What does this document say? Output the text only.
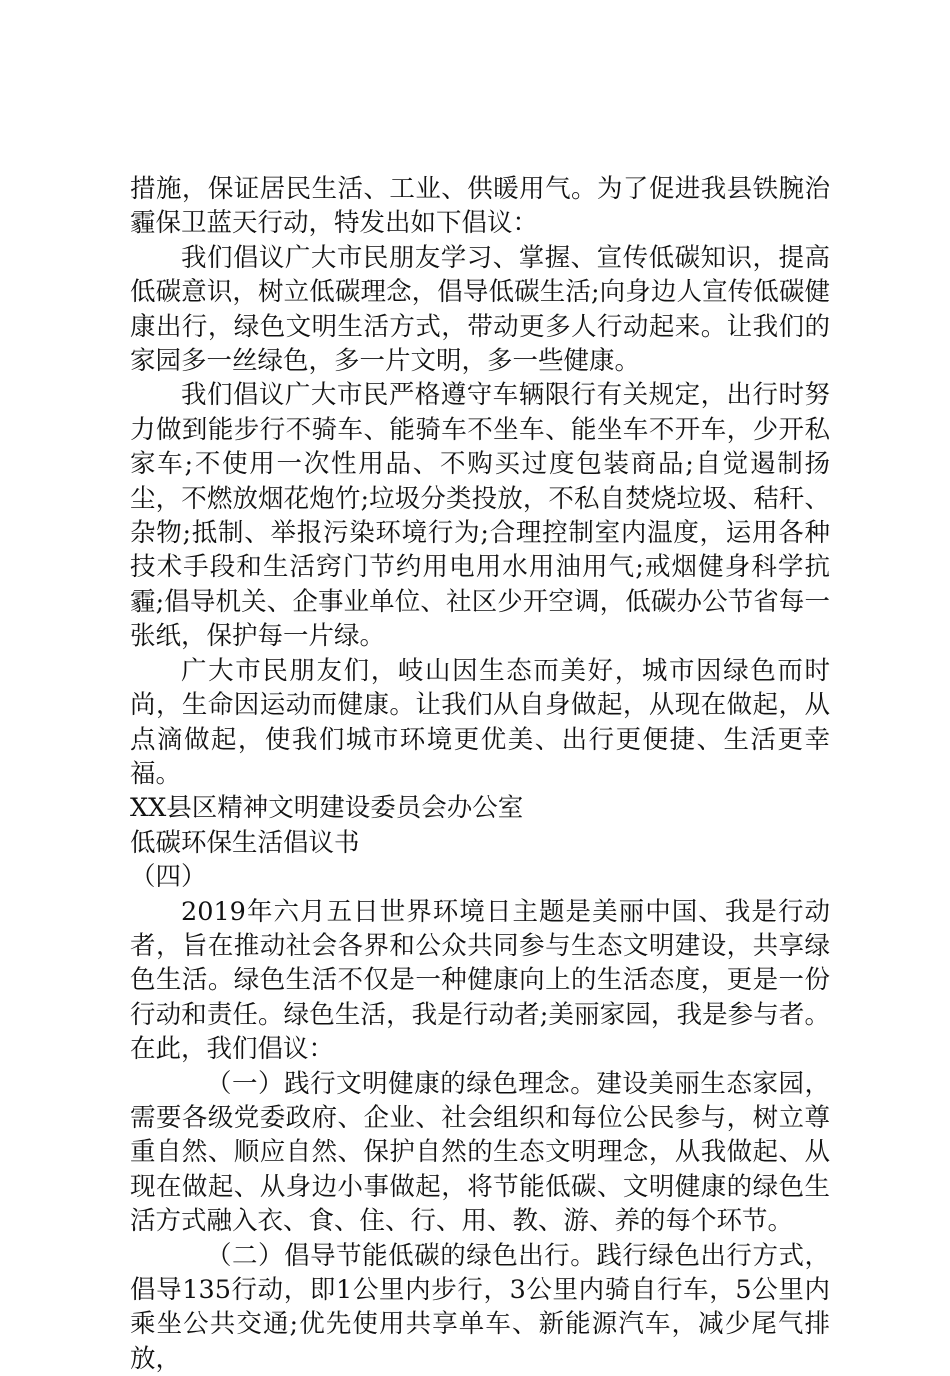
措施，保证居民生活、工业、供暖用气。为了促进我县铁腕治霾保卫蓝天行动，特发出如下倡议：

我们倡议广大市民朋友学习、掌握、宣传低碳知识，提高低碳意识，树立低碳理念，倡导低碳生活;向身边人宣传低碳健康出行，绿色文明生活方式，带动更多人行动起来。让我们的家园多一丝绿色，多一片文明，多一些健康。

我们倡议广大市民严格遵守车辆限行有关规定，出行时努力做到能步行不骑车、能骑车不坐车、能坐车不开车，少开私家车;不使用一次性用品、不购买过度包装商品;自觉遏制扬尘，不燃放烟花炮竹;垃圾分类投放，不私自焚烧垃圾、秸秆、杂物;抵制、举报污染环境行为;合理控制室内温度，运用各种技术手段和生活窍门节约用电用水用油用气;戒烟健身科学抗霾;倡导机关、企事业单位、社区少开空调，低碳办公节省每一张纸，保护每一片绿。

广大市民朋友们，岐山因生态而美好，城市因绿色而时尚，生命因运动而健康。让我们从自身做起，从现在做起，从点滴做起，使我们城市环境更优美、出行更便捷、生活更幸福。

XX县区精神文明建设委员会办公室

低碳环保生活倡议书

（四）

2019年六月五日世界环境日主题是美丽中国、我是行动者，旨在推动社会各界和公众共同参与生态文明建设，共享绿色生活。绿色生活不仅是一种健康向上的生活态度，更是一份行动和责任。绿色生活，我是行动者;美丽家园，我是参与者。在此，我们倡议：

（一）践行文明健康的绿色理念。建设美丽生态家园，需要各级党委政府、企业、社会组织和每位公民参与，树立尊重自然、顺应自然、保护自然的生态文明理念，从我做起、从现在做起、从身边小事做起，将节能低碳、文明健康的绿色生活方式融入衣、食、住、行、用、教、游、养的每个环节。

（二）倡导节能低碳的绿色出行。践行绿色出行方式，倡导135行动，即1公里内步行，3公里内骑自行车，5公里内乘坐公共交通;优先使用共享单车、新能源汽车，减少尾气排放，
